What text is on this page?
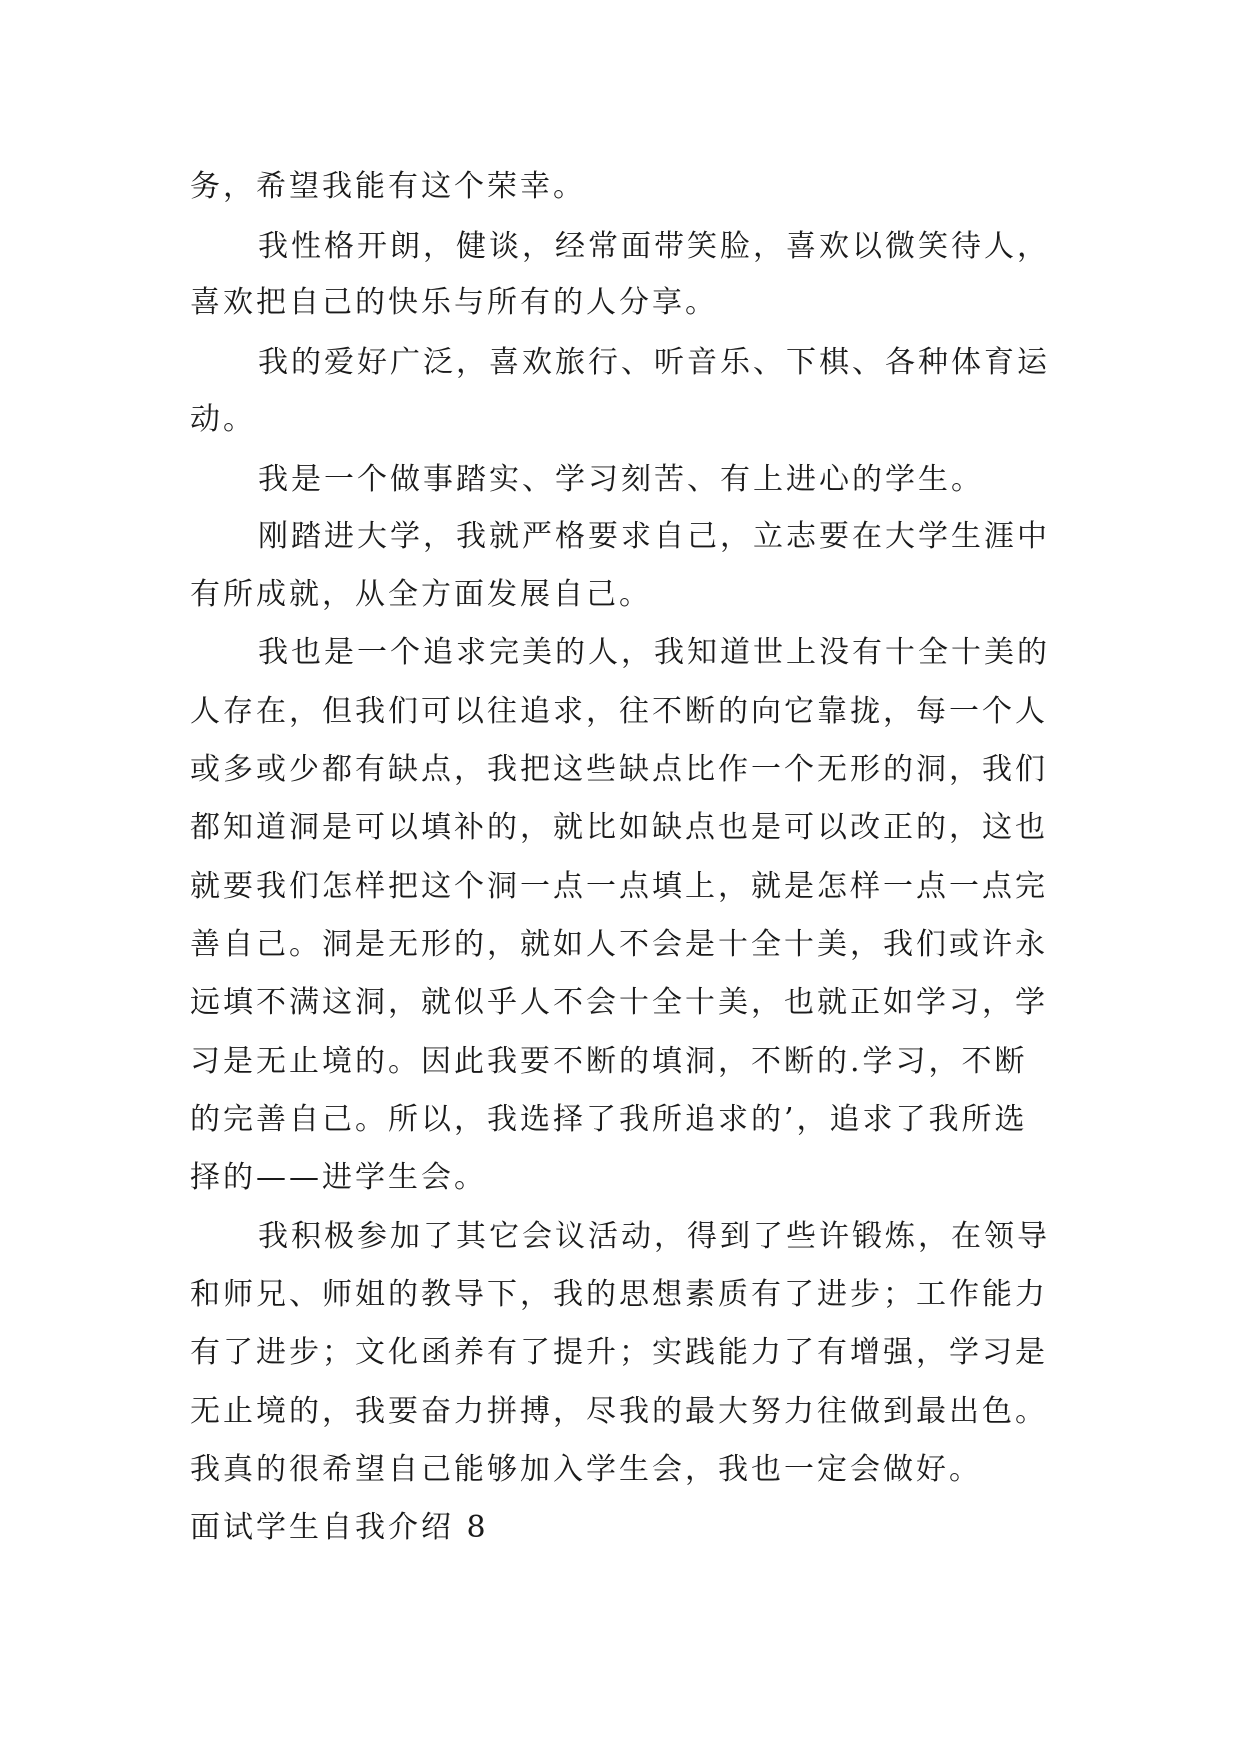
务，希望我能有这个荣幸。
我性格开朗，健谈，经常面带笑脸，喜欢以微笑待人，
喜欢把自己的快乐与所有的人分享。
我的爱好广泛，喜欢旅行、听音乐、下棋、各种体育运
动。
我是一个做事踏实、学习刻苦、有上进心的学生。
刚踏进大学，我就严格要求自己，立志要在大学生涯中
有所成就，从全方面发展自己。
我也是一个追求完美的人，我知道世上没有十全十美的
人存在，但我们可以往追求，往不断的向它靠拢，每一个人
或多或少都有缺点，我把这些缺点比作一个无形的洞，我们
都知道洞是可以填补的，就比如缺点也是可以改正的，这也
就要我们怎样把这个洞一点一点填上，就是怎样一点一点完
善自己。洞是无形的，就如人不会是十全十美，我们或许永
远填不满这洞，就似乎人不会十全十美，也就正如学习，学
习是无止境的。因此我要不断的填洞，不断的.学习，不断
的完善自己。所以，我选择了我所追求的’，追求了我所选
择的——进学生会。
我积极参加了其它会议活动，得到了些许锻炼，在领导
和师兄、师姐的教导下，我的思想素质有了进步；工作能力
有了进步；文化函养有了提升；实践能力了有增强，学习是
无止境的，我要奋力拼搏，尽我的最大努力往做到最出色。
我真的很希望自己能够加入学生会，我也一定会做好。
面试学生自我介绍 8
